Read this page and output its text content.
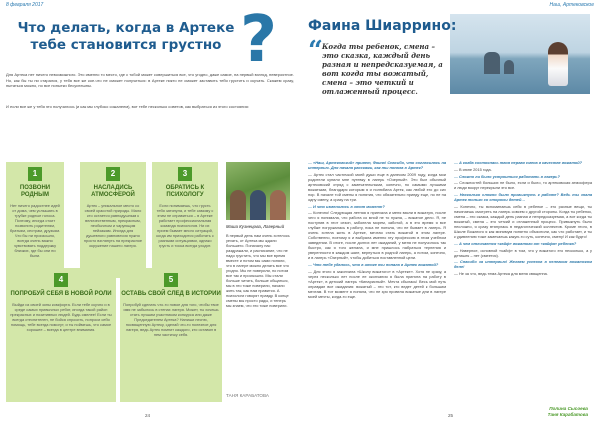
8 февраля 2017
Что делать, когда в Артеке тебе становится грустно ?
Для Артека нет ничего невозможного. Это именно то место, где с тобой может совершиться все, что угодно, даже самое, на первый взгляд, невероятное. Но, как бы ты ни старался, у тебя все же кое-что не сможет получиться: в Артеке никто не сможет заставить тебя грустить и скучать. Скажем сразу, пытаться можно, но все попытки бесуспешны.
И если все же у тебя это получилось (и как мы глубоко сожалеем), вот тебе несколько советов, как выбраться из этого состояния:
1
ПОЗВОНИ РОДНЫМ
Нет ничего радостнее идей от дома, чем услышать в трубке родные голоса. Поэтому, иногда стоит позвонить родителям, братьям, сестрам, друзьям. Что бы ни произошло, всегда очень важно чувствовать поддержку близких, где бы они ни были.
2
НАСЛАДИСЬ АТМОСФЕРОЙ
Артек – уникальное место со своей красотой природы. Мало кто остается равнодушным к величественным, прекрасным, необычным и чарующим пейзажам. Иногда для душевного равновесия нужно просто взглянуть на прекрасное окружение нашего лагеря.
3
ОБРАТИСЬ К ПСИХОЛОГУ
Если понимаешь, что грусть тебя затянула, и тебе самому с этим не справиться – в Артеке работает профессиональная команда психологов. Ни их прием бывает много ситуаций, когда им приходится работать с разными ситуациями, однако грусть и тоска всегда уходят.
4
ПОПРОБУЙ СЕБЯ В НОВОЙ РОЛИ
Выйди из своей зоны комфорта. Если тебе скучно и в среде самых привычных ребят, иногда такой район прекрасных и позитивных людей. Будь смелее! Если ты всегда стеснителен, не бойся спросить, попроси себя помощь, тебе всегда помогут, и ты поймешь, что самое хорошее – всегда в центре внимания.
5
ОСТАВЬ СВОЙ СЛЕД В ИСТОРИИ
Попробуй сделать что-то новое для того, чтобы твое имя не забылось в стенах лагеря. Может, ты хочешь стать лучшим участником конкурса или даже Председателем Артека? Напиши песню, посвященную Артеку, сделай что-то полезное для лагеря, ведь Артек помнит каждого, кто оставил в нем частичку себя.
Маша Кузнецова, Лагерный
В первый день нам очень хотелось уехать, от Артека мы ждали большего. Поначалу нас раздражали, и расписание, что не надо грустить, что мы все время вместе и потом мы сами поняли, что в лагере можно делать все что угодно. Мы не поверили, но потом все так и произошло. Мы стали больше читать, больше общаться, мы в это тоже поверили, начали жить так, как нам нравится. А психологи говорят правду. В конце смены мы просто рады, и теперь мы знаем, что это тоже поверили.
ТАНЯ КАРАБАТОВА
24
Наш, Артековское
Фаина Шиаррино:
“ Когда ты ребенок, смена – это сказка, каждый день разная и непредсказуемая, а вот когда ты вожатый, смена – это четкий и отлаженный процесс.

— «Наш, Артековский» привет, Фаина! Спасибо, что согласилась на интервью. Для начала расскажи, как ты попала в Артек?

— Артек стал частичкой моей души еще в далеком 2009 году, когда мои родители купили мне путевку в лагерь «Озерный». Это был обычный артековский отряд с замечательными, конечно, но самыми лучшими вожатыми, благодаря которым я и полюбила Артек, как любой его до сих пор. В начале той смены я понятия, что обязательно приеду еще, но не на одну смену, а сразу на три.

— И что изменилось в этот момент?

— Конечно! Следующая летняя я приехала и меня взяли в вожатую, после чего я понимала, что работа со мной не то нужна, – вожатое дело. Я, не поступив в этот сезон, заболела морем, заботой, а в это время я все глубже погружалась в работу, пока не поняла, что не бывает в лагерь. Я очень хотела жить в Артеке, мечтая стать вожатой в этом лагере. Собственно, поэтому я и выбрала именно эту профессию в этом учебном заведении. В итоге, после долгих лет ожиданий, у меня не получилось так быстро, как я того желала, и мне пришлось набраться терпения и уверенности в каждом шаге, вернуться в родной лагерь, а потом, конечно, и в лагерь «Озерный», чтобы добиться поставленной цели.

— Что тебе удалось, что в итоге ты попала в Артек вожатой?

— Для этого я закончила «Школу вожатого» в «Артеке». Хотя не сразу, а через несколько лет после ее окончания я была принята на работу в «Артек», в детский лагерь «Кипарисный». Мечта сбылась! Весь мой путь оправдал все ожидания: вожатый – это тот, кто ведет детей к большим мечтам. В тот момент я поняла, что не зря провела вожатые дни в лагере моей мечты, когда-то еще.

— А когда состоялась твоя первая смена в качестве вожатой?

— В июне 2015 года.

— Сложно ли было устроиться работать в лагерь?

— Сложностей больших не было, если и было, то артековская атмосфера и люди вокруг перекрыли это все.

— Насколько сложно было привыкнуть к работе? Ведь ты знала Артек только со стороны детей…

— Конечно, ты вспоминаешь себя в ребенке – это разные вещи, ты начинаешь смотреть на лагерь совсем с другой стороны. Когда ты ребенок, смена – это сказка, каждый день разная и непредсказуемая, а вот когда ты вожатый, смена – это четкий и отлаженный процесс. Привыкнуть было несложно, я сразу втянулась в педагогический коллектив. Кроме этого, в Школе Вожатого я как минимум понятно объяснили, как что работает, и ты к удивлению тоже замечаешь какую-то суть, конечно, смену! И как будто!

— А чем отличается «кайф» вожатого от «кайфа» ребенка?

— Наверное, основной «кайф» в том, что у вожатого его несколько, а у детишек – нет (смеется).

— Спасибо за интервью! Желаем успехов в нелегком вожатском деле!

— Не за что, ведь тема Артека для меня священна.

25
Полина Сысоева
Таня Карабатова
